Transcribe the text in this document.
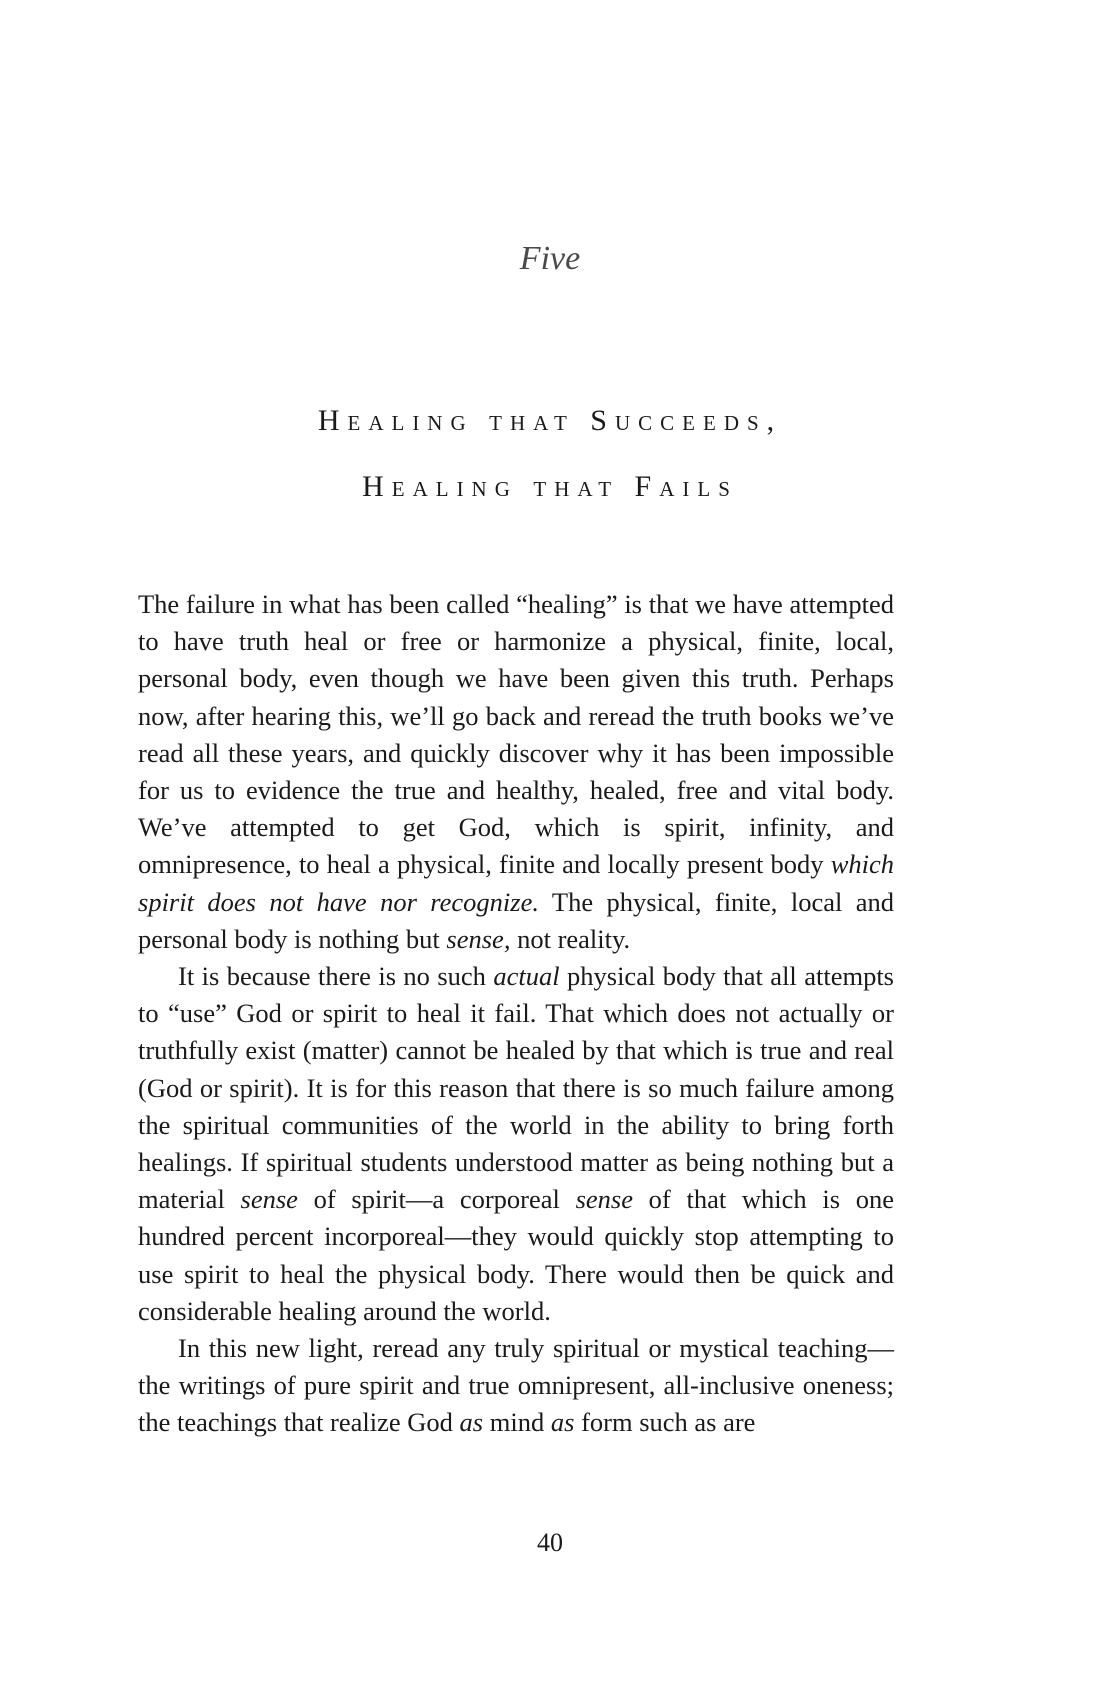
Five
Healing that Succeeds,
Healing that Fails

The failure in what has been called “healing” is that we have attempted to have truth heal or free or harmonize a physical, finite, local, personal body, even though we have been given this truth. Perhaps now, after hearing this, we’ll go back and reread the truth books we’ve read all these years, and quickly discover why it has been impossible for us to evidence the true and healthy, healed, free and vital body. We’ve attempted to get God, which is spirit, infinity, and omnipresence, to heal a physical, finite and locally present body which spirit does not have nor recognize. The physical, finite, local and personal body is nothing but sense, not reality.

It is because there is no such actual physical body that all attempts to “use” God or spirit to heal it fail. That which does not actually or truthfully exist (matter) cannot be healed by that which is true and real (God or spirit). It is for this reason that there is so much failure among the spiritual communities of the world in the ability to bring forth healings. If spiritual students understood matter as being nothing but a material sense of spirit—a corporeal sense of that which is one hundred percent incorporeal—they would quickly stop attempting to use spirit to heal the physical body. There would then be quick and considerable healing around the world.

In this new light, reread any truly spiritual or mystical teaching—the writings of pure spirit and true omnipresent, all-inclusive oneness; the teachings that realize God as mind as form such as are

40
